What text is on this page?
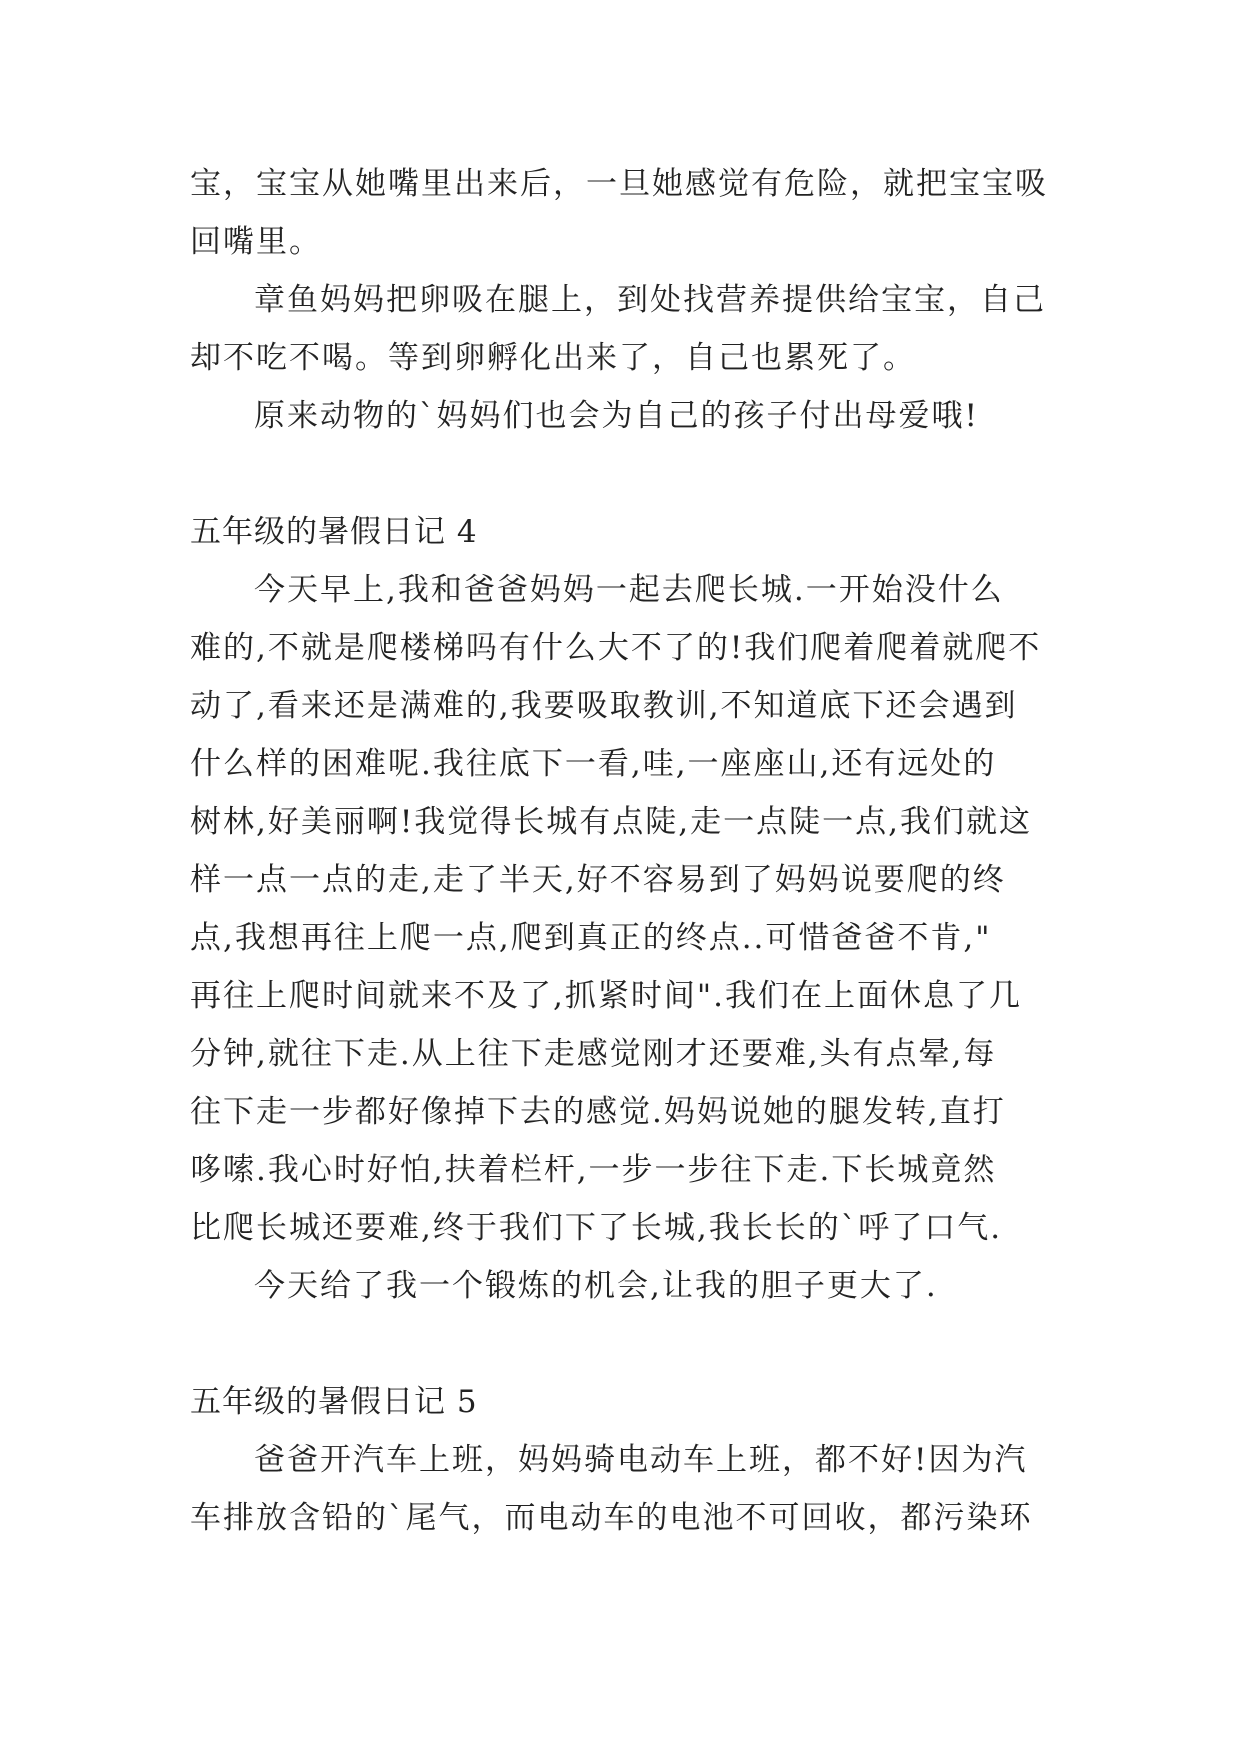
宝，宝宝从她嘴里出来后，一旦她感觉有危险，就把宝宝吸
回嘴里。
章鱼妈妈把卵吸在腿上，到处找营养提供给宝宝，自己
却不吃不喝。等到卵孵化出来了，自己也累死了。
原来动物的`妈妈们也会为自己的孩子付出母爱哦!
五年级的暑假日记 4
今天早上,我和爸爸妈妈一起去爬长城.一开始没什么
难的,不就是爬楼梯吗有什么大不了的!我们爬着爬着就爬不
动了,看来还是满难的,我要吸取教训,不知道底下还会遇到
什么样的困难呢.我往底下一看,哇,一座座山,还有远处的
树林,好美丽啊!我觉得长城有点陡,走一点陡一点,我们就这
样一点一点的走,走了半天,好不容易到了妈妈说要爬的终
点,我想再往上爬一点,爬到真正的终点..可惜爸爸不肯,"
再往上爬时间就来不及了,抓紧时间".我们在上面休息了几
分钟,就往下走.从上往下走感觉刚才还要难,头有点晕,每
往下走一步都好像掉下去的感觉.妈妈说她的腿发转,直打
哆嗦.我心时好怕,扶着栏杆,一步一步往下走.下长城竟然
比爬长城还要难,终于我们下了长城,我长长的`呼了口气.
今天给了我一个锻炼的机会,让我的胆子更大了.
五年级的暑假日记 5
爸爸开汽车上班，妈妈骑电动车上班，都不好!因为汽
车排放含铅的`尾气，而电动车的电池不可回收，都污染环
